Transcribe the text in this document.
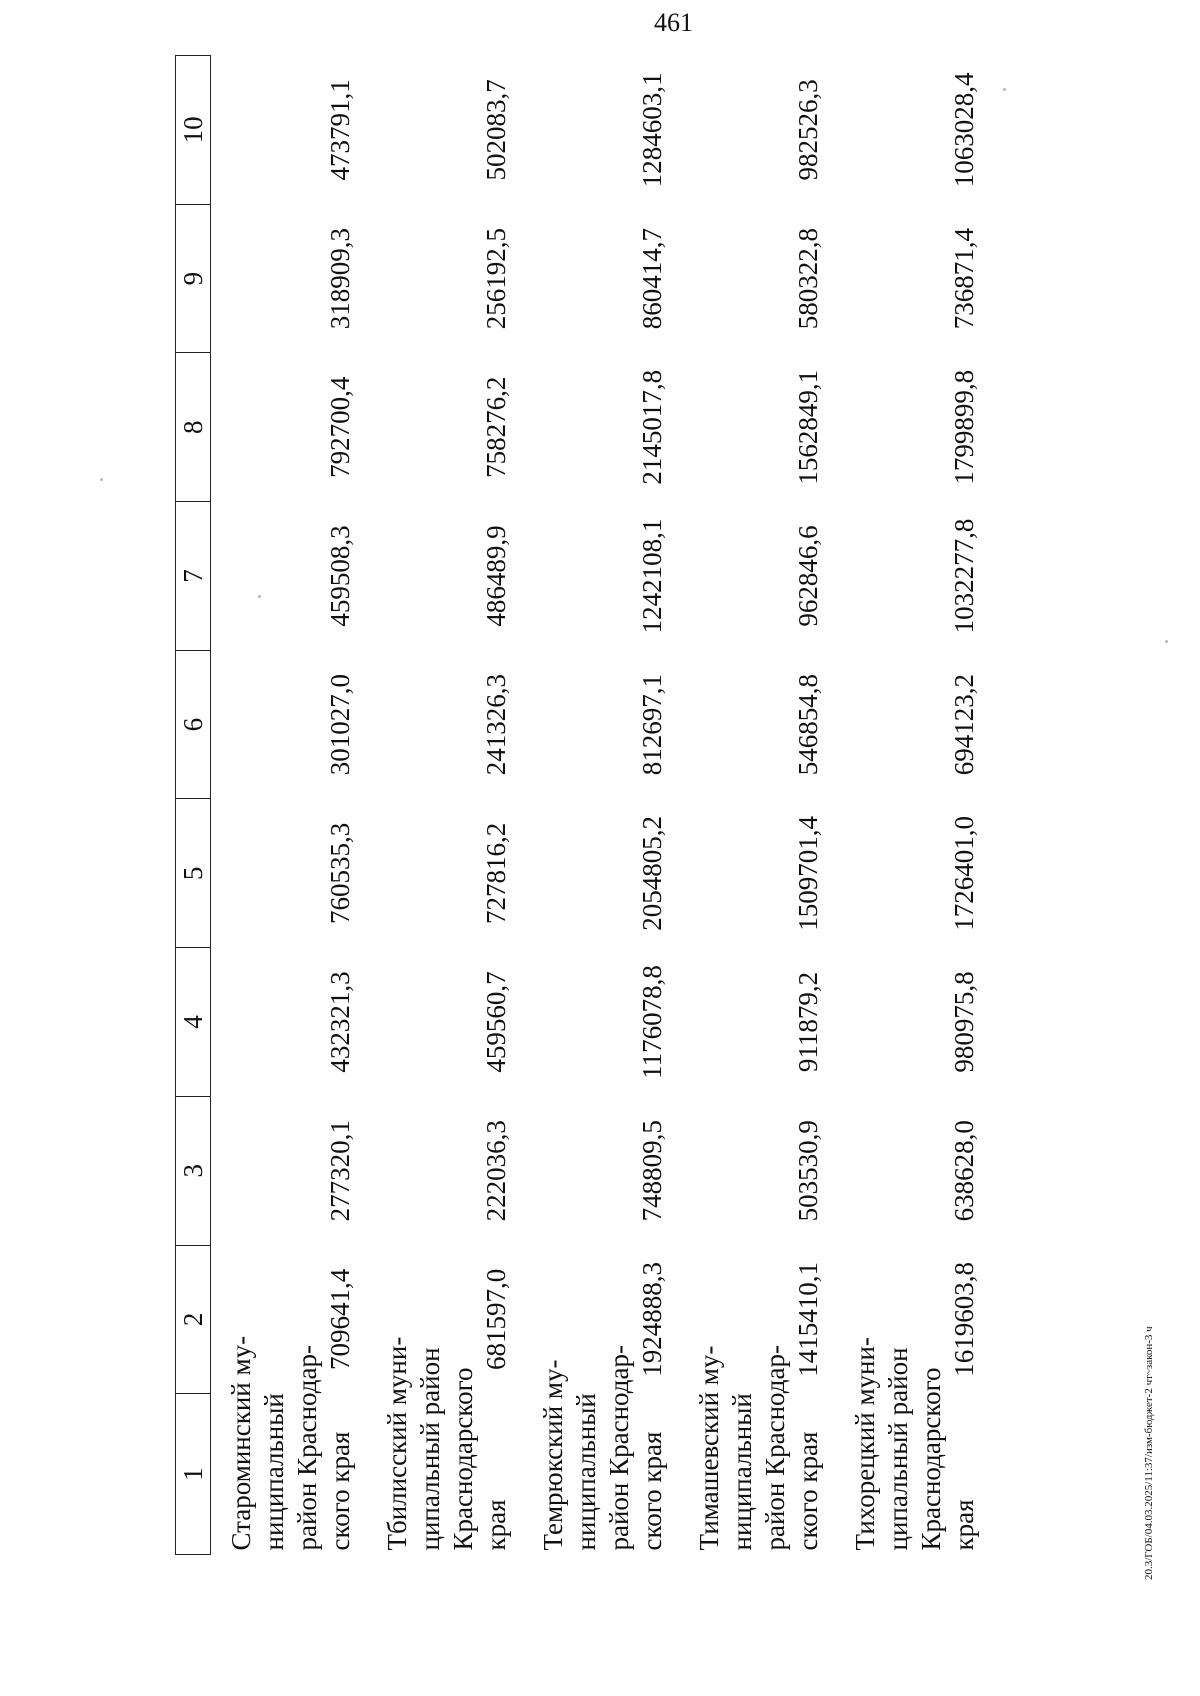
461
1	2	3	4	5	6	7	8	9	10

Староминский му- ниципальный район Краснодар- ского края	709641,4	277320,1	432321,3	760535,3	301027,0	459508,3	792700,4	318909,3	473791,1

Тбилисский муни- ципальный район Краснодарского края	681597,0	222036,3	459560,7	727816,2	241326,3	486489,9	758276,2	256192,5	502083,7

Темрюкский му- ниципальный район Краснодар- ского края	1924888,3	748809,5	1176078,8	2054805,2	812697,1	1242108,1	2145017,8	860414,7	1284603,1

Тимашевский му- ниципальный район Краснодар- ского края	1415410,1	503530,9	911879,2	1509701,4	546854,8	962846,6	1562849,1	580322,8	982526,3

Тихорецкий муни- ципальный район Краснодарского края	1619603,8	638628,0	980975,8	1726401,0	694123,2	1032277,8	1799899,8	736871,4	1063028,4
20.3/ГОБ/04.03.2025/11:37/изм-бюджет-2 чт~закон-3 ч
